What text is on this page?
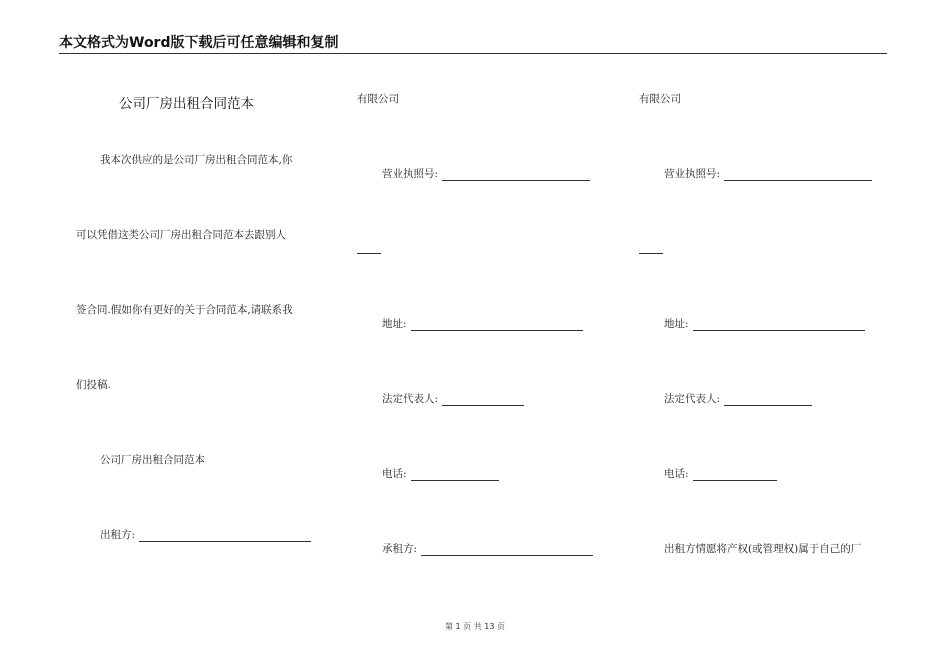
本文格式为Word版下载后可任意编辑和复制
公司厂房出租合同范本
我本次供应的是公司厂房出租合同范本,你
可以凭借这类公司厂房出租合同范本去跟别人
签合同.假如你有更好的关于合同范本,请联系我
们投稿.
公司厂房出租合同范本
出租方:
有限公司
营业执照号:
地址:
法定代表人:
电话:
承租方:
有限公司
营业执照号:
地址:
法定代表人:
电话:
出租方情愿将产权(或管理权)属于自己的厂
第 1 页 共 13 页
